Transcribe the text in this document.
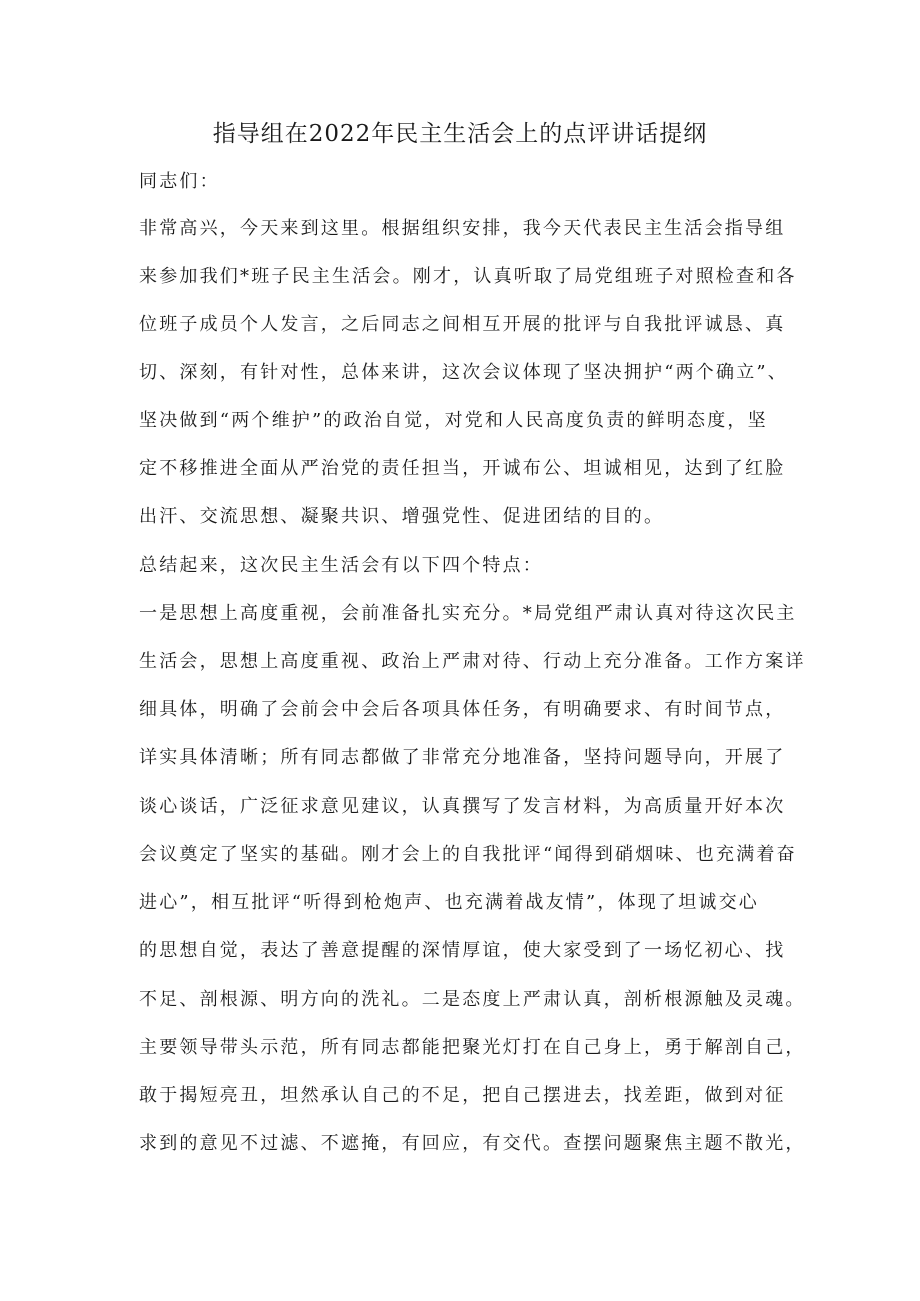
指导组在2022年民主生活会上的点评讲话提纲

同志们：

非常高兴，今天来到这里。根据组织安排，我今天代表民主生活会指导组

来参加我们*班子民主生活会。刚才，认真听取了局党组班子对照检查和各

位班子成员个人发言，之后同志之间相互开展的批评与自我批评诚恳、真

切、深刻，有针对性，总体来讲，这次会议体现了坚决拥护“两个确立”、

坚决做到“两个维护”的政治自觉，对党和人民高度负责的鲜明态度，坚

定不移推进全面从严治党的责任担当，开诚布公、坦诚相见，达到了红脸

出汗、交流思想、凝聚共识、增强党性、促进团结的目的。

总结起来，这次民主生活会有以下四个特点：

一是思想上高度重视，会前准备扎实充分。*局党组严肃认真对待这次民主

生活会，思想上高度重视、政治上严肃对待、行动上充分准备。工作方案详

细具体，明确了会前会中会后各项具体任务，有明确要求、有时间节点，

详实具体清晰；所有同志都做了非常充分地准备，坚持问题导向，开展了

谈心谈话，广泛征求意见建议，认真撰写了发言材料，为高质量开好本次

会议奠定了坚实的基础。刚才会上的自我批评“闻得到硝烟味、也充满着奋

进心”，相互批评“听得到枪炮声、也充满着战友情”，体现了坦诚交心

的思想自觉，表达了善意提醒的深情厚谊，使大家受到了一场忆初心、找

不足、剖根源、明方向的洗礼。二是态度上严肃认真，剖析根源触及灵魂。

主要领导带头示范，所有同志都能把聚光灯打在自己身上，勇于解剖自己，

敢于揭短亮丑，坦然承认自己的不足，把自己摆进去，找差距，做到对征

求到的意见不过滤、不遮掩，有回应，有交代。查摆问题聚焦主题不散光，
